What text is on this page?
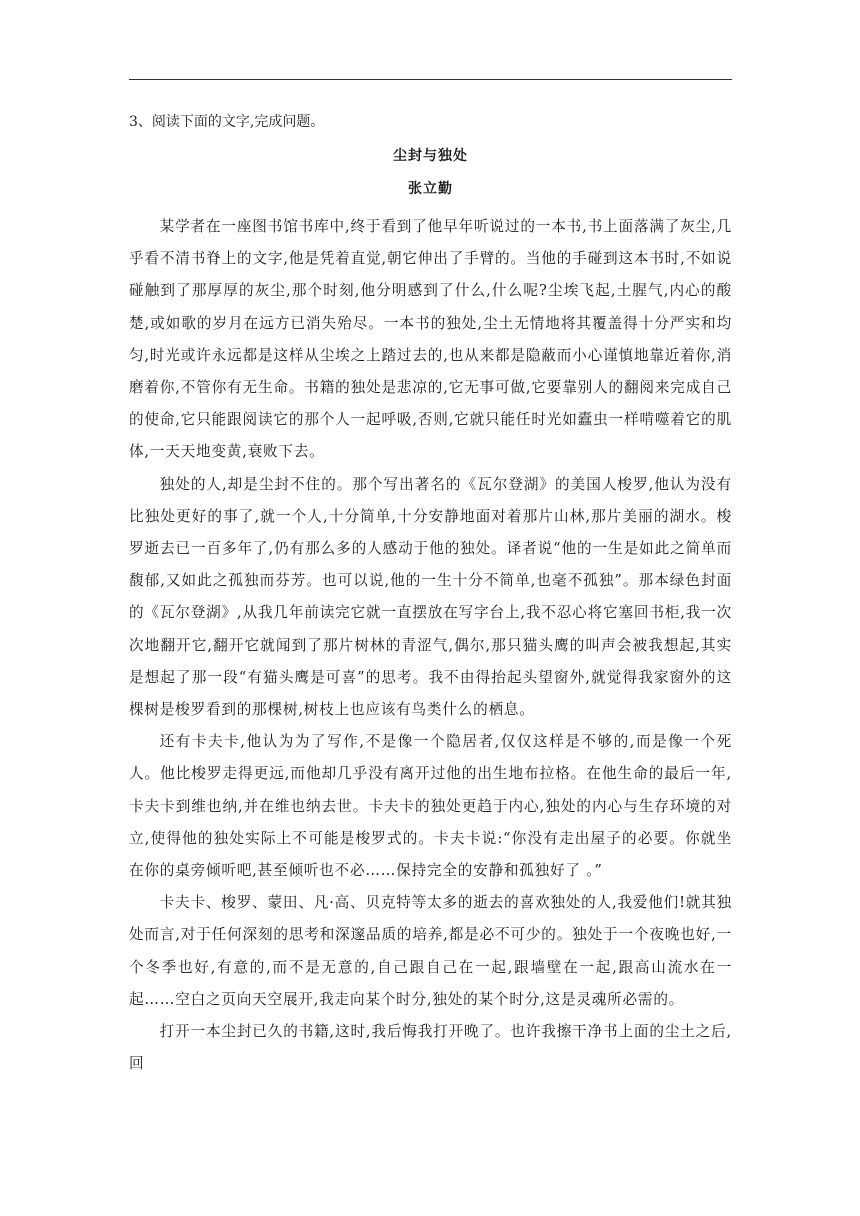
3、阅读下面的文字,完成问题。

尘封与独处
张立勤

某学者在一座图书馆书库中,终于看到了他早年听说过的一本书,书上面落满了灰尘,几乎看不清书脊上的文字,他是凭着直觉,朝它伸出了手臂的。当他的手碰到这本书时,不如说碰触到了那厚厚的灰尘,那个时刻,他分明感到了什么,什么呢?尘埃飞起,土腥气,内心的酸楚,或如歌的岁月在远方已消失殆尽。一本书的独处,尘土无情地将其覆盖得十分严实和均匀,时光或许永远都是这样从尘埃之上踏过去的,也从来都是隐蔽而小心谨慎地靠近着你,消磨着你,不管你有无生命。书籍的独处是悲凉的,它无事可做,它要靠别人的翻阅来完成自己的使命,它只能跟阅读它的那个人一起呼吸,否则,它就只能任时光如蠹虫一样啃噬着它的肌体,一天天地变黄,衰败下去。

独处的人,却是尘封不住的。那个写出著名的《瓦尔登湖》的美国人梭罗,他认为没有比独处更好的事了,就一个人,十分简单,十分安静地面对着那片山林,那片美丽的湖水。梭罗逝去已一百多年了,仍有那么多的人感动于他的独处。译者说“他的一生是如此之简单而馥郁,又如此之孤独而芬芳。也可以说,他的一生十分不简单,也毫不孤独”。那本绿色封面的《瓦尔登湖》,从我几年前读完它就一直摆放在写字台上,我不忍心将它塞回书柜,我一次次地翻开它,翻开它就闻到了那片树林的青涩气,偶尔,那只猫头鹰的叫声会被我想起,其实是想起了那一段“有猫头鹰是可喜”的思考。我不由得抬起头望窗外,就觉得我家窗外的这棵树是梭罗看到的那棵树,树枝上也应该有鸟类什么的栖息。

还有卡夫卡,他认为为了写作,不是像一个隐居者,仅仅这样是不够的,而是像一个死人。他比梭罗走得更远,而他却几乎没有离开过他的出生地布拉格。在他生命的最后一年,卡夫卡到维也纳,并在维也纳去世。卡夫卡的独处更趋于内心,独处的内心与生存环境的对立,使得他的独处实际上不可能是梭罗式的。卡夫卡说:“你没有走出屋子的必要。你就坐在你的桌旁倾听吧,甚至倾听也不必……保持完全的安静和孤独好了 。”

卡夫卡、梭罗、蒙田、凡·高、贝克特等太多的逝去的喜欢独处的人,我爱他们!就其独处而言,对于任何深刻的思考和深邃品质的培养,都是必不可少的。独处于一个夜晚也好,一个冬季也好,有意的,而不是无意的,自己跟自己在一起,跟墙壁在一起,跟高山流水在一起……空白之页向天空展开,我走向某个时分,独处的某个时分,这是灵魂所必需的。

打开一本尘封已久的书籍,这时,我后悔我打开晚了。也许我擦干净书上面的尘土之后,回
